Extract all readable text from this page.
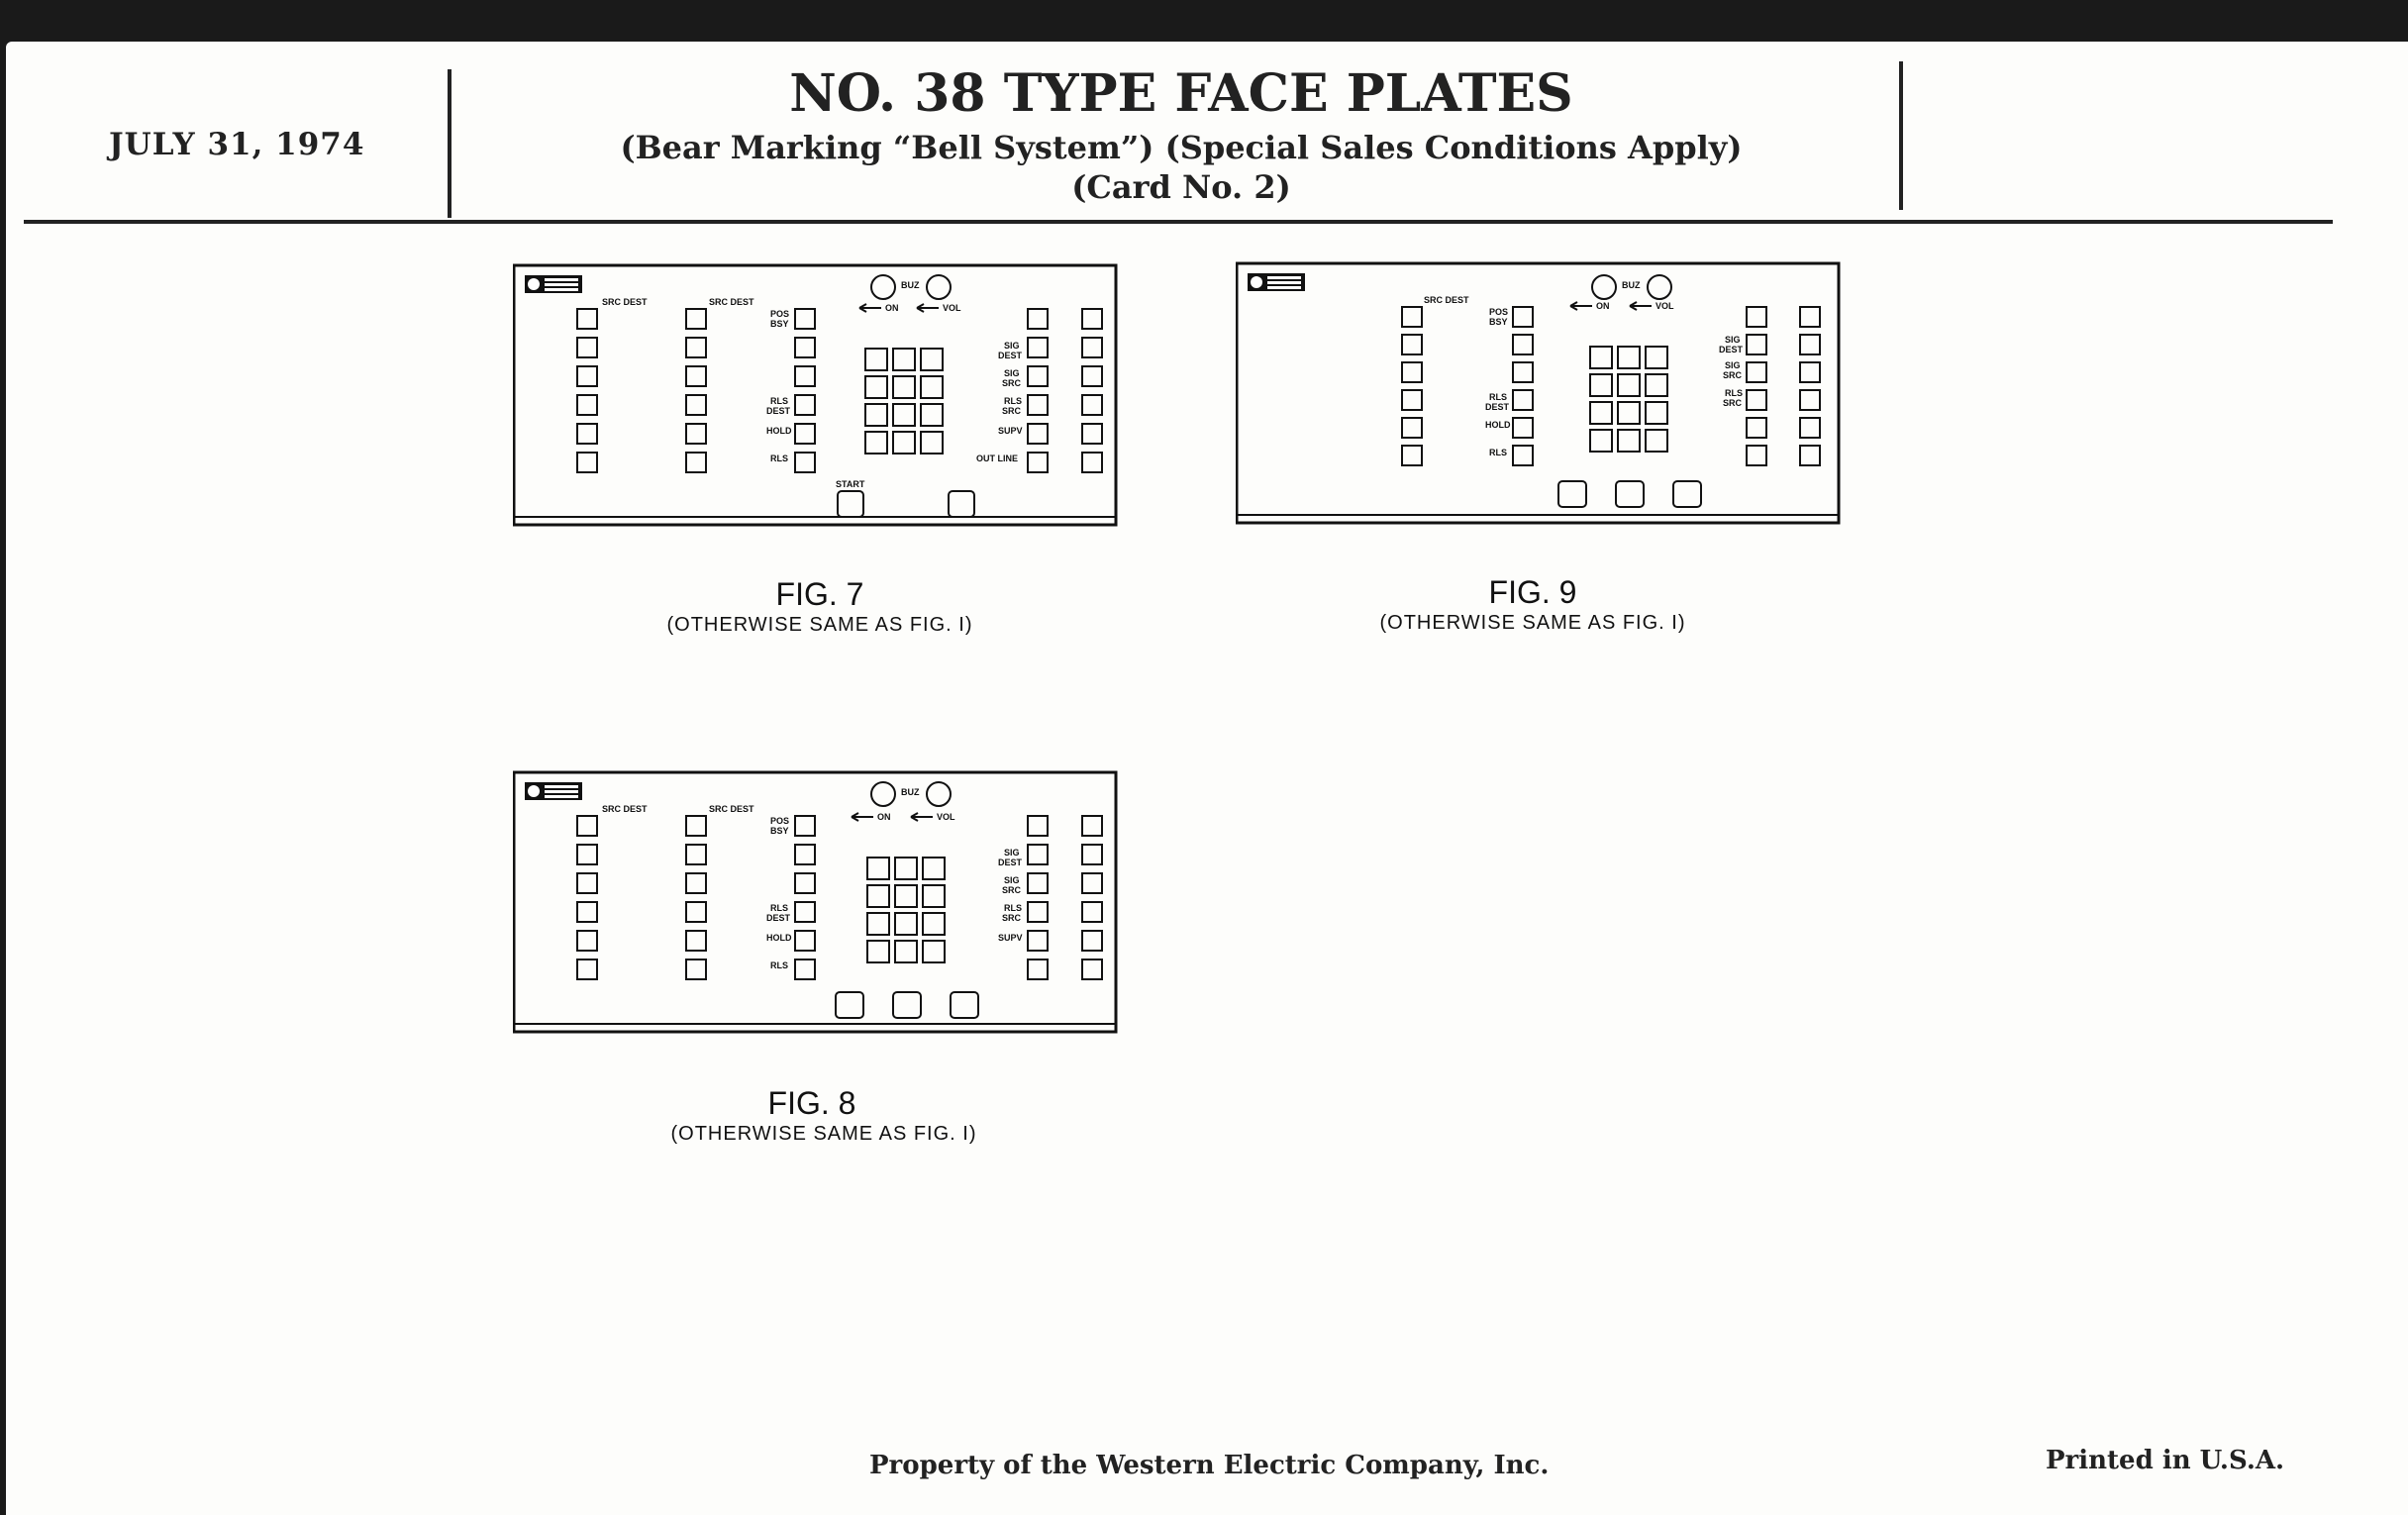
JULY 31, 1974
NO. 38 TYPE FACE PLATES
(Bear Marking “Bell System”) (Special Sales Conditions Apply)
(Card No. 2)
SRC DEST	SRC DEST
POS
BSY
RLS
DEST
HOLD
RLS
BUZ
ON	VOL
SIG
DEST
SIG
SRC
RLS
SRC
SUPV
OUT LINE
START
FIG. 7
(OTHERWISE SAME AS FIG. I)
SRC DEST
POS
BSY
RLS
DEST
HOLD
RLS
BUZ
ON	VOL
SIG
DEST
SIG
SRC
RLS
SRC
FIG. 9
(OTHERWISE SAME AS FIG. I)
SRC DEST	SRC DEST
POS
BSY
RLS
DEST
HOLD
RLS
BUZ
ON	VOL
SIG
DEST
SIG
SRC
RLS
SRC
SUPV
FIG. 8
(OTHERWISE SAME AS FIG. I)
Property of the Western Electric Company, Inc.	Printed in U.S.A.
